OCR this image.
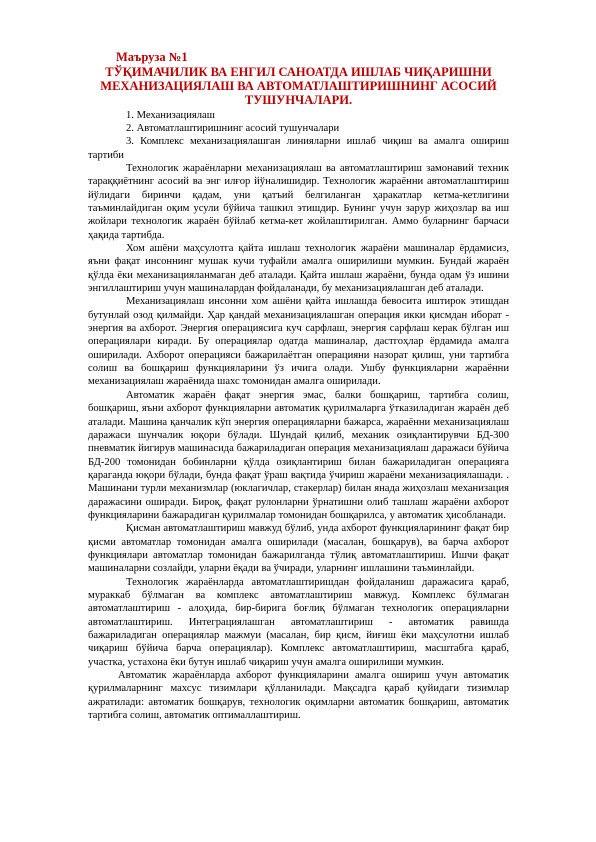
Маъруза №1
ТЎҚИМАЧИЛИК ВА ЕНГИЛ САНОАТДА ИШЛАБ ЧИҚАРИШНИ МЕХАНИЗАЦИЯЛАШ ВА АВТОМАТЛАШТИРИШНИНГ АСОСИЙ ТУШУНЧАЛАРИ.
1. Механизациялаш
2. Автоматлаштиришнинг асосий тушунчалари
3. Комплекс механизациялашган линияларни ишлаб чиқиш ва амалга ошириш тартиби

Технологик жараёнларни механизациялаш ва автоматлаштириш замонавий техник тараққиётнинг асосий ва энг илғор йўналишидир. Технологик жараённи автоматлаштириш йўлидаги биринчи қадам, уни қатъий белгиланган ҳаракатлар кетма-кетлигини таъминлайдиган оқим усули бўйича ташкил этишдир. Бунинг учун зарур жиҳозлар ва иш жойлари технологик жараён бўйлаб кетма-кет жойлаштирилган. Аммо буларнинг барчаси ҳақида тартибда.

Хом ашёни маҳсулотга қайта ишлаш технологик жараёни машиналар ёрдамисиз, яъни фақат инсоннинг мушак кучи туфайли амалга оширилиши мумкин. Бундай жараён қўлда ёки механизацияланмаган деб аталади. Қайта ишлаш жараёни, бунда одам ўз ишини энгиллаштириш учун машиналардан фойдаланади, бу механизациялашган деб аталади.

Механизациялаш инсонни хом ашёни қайта ишлашда бевосита иштирок этишдан бутунлай озод қилмайди. Ҳар қандай механизациялашган операция икки қисмдан иборат - энергия ва ахборот. Энергия операциясига куч сарфлаш, энергия сарфлаш керак бўлган иш операциялари киради. Бу операциялар одатда машиналар, дастгоҳлар ёрдамида амалга оширилади. Ахборот операцияси бажарилаётган операцияни назорат қилиш, уни тартибга солиш ва бошқариш функцияларини ўз ичига олади. Ушбу функцияларни жараённи механизациялаш жараёнида шахс томонидан амалга оширилади.

Автоматик жараён фақат энергия эмас, балки бошқариш, тартибга солиш, бошқариш, яъни ахборот функцияларни автоматик қурилмаларга ўтказиладиган жараён деб аталади. Машина қанчалик кўп энергия операцияларни бажарса, жараённи механизациялаш даражаси шунчалик юқори бўлади. Шундай қилиб, механик озиқлантирувчи БД-300 пневматик йигирув машинасида бажариладиган операция механизациялаш даражаси бўйича БД-200 томонидан бобинларни қўлда озиқлантириш билан бажариладиган операцияга қараганда юқори бўлади, бунда фақат ўраш вақтида ўчириш жараёни механизациялашади. . Машинани турли механизмлар (юклагичлар, стакерлар) билан янада жиҳозлаш механизация даражасини оширади. Бироқ, фақат рулонларни ўрнатишни олиб ташлаш жараёни ахборот функцияларини бажарадиган қурилмалар томонидан бошқарилса, у автоматик ҳисобланади.

Қисман автоматлаштириш мавжуд бўлиб, унда ахборот функцияларининг фақат бир қисми автоматлар томонидан амалга оширилади (масалан, бошқарув), ва барча ахборот функциялари автоматлар томонидан бажарилганда тўлиқ автоматлаштириш. Ишчи фақат машиналарни созлайди, уларни ёқади ва ўчиради, уларнинг ишлашини таъминлайди.

Технологик жараёнларда автоматлаштиришдан фойдаланиш даражасига қараб, мураккаб бўлмаган ва комплекс автоматлаштириш мавжуд. Комплекс бўлмаган автоматлаштириш - алоҳида, бир-бирига боғлиқ бўлмаган технологик операцияларни автоматлаштириш. Интеграциялашган автоматлаштириш - автоматик равишда бажариладиган операциялар мажмуи (масалан, бир қисм, йиғиш ёки маҳсулотни ишлаб чиқариш бўйича барча операциялар). Комплекс автоматлаштириш, масштабга қараб, участка, устахона ёки бутун ишлаб чиқариш учун амалга оширилиши мумкин.

Автоматик жараёнларда ахборот функцияларини амалга ошириш учун автоматик қурилмаларнинг махсус тизимлари қўлланилади. Мақсадга қараб қуйидаги тизимлар ажратилади: автоматик бошқарув, технологик оқимларни автоматик бошқариш, автоматик тартибга солиш, автоматик оптималлаштириш.
